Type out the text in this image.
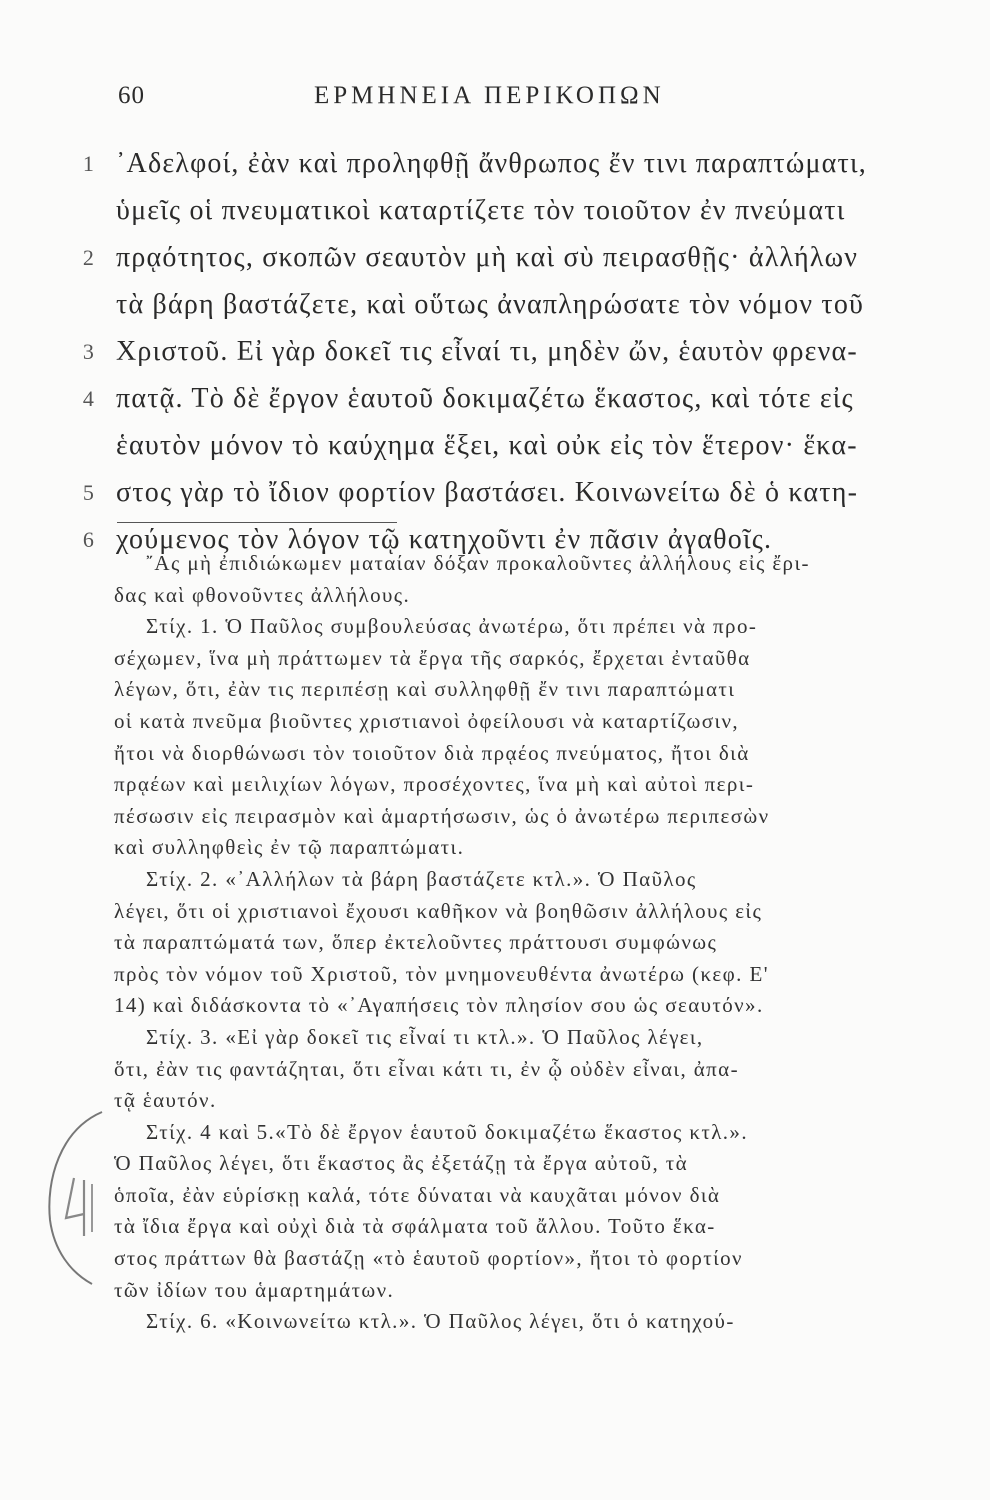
60	ΕΡΜΗΝΕΙΑ ΠΕΡΙΚΟΠΩΝ
1 ᾿Αδελφοί, ἐὰν καὶ προληφθῇ ἄνθρωπος ἔν τινι παραπτώματι,
ὑμεῖς οἱ πνευματικοὶ καταρτίζετε τὸν τοιοῦτον ἐν πνεύματι
2 πρᾳότητος, σκοπῶν σεαυτὸν μὴ καὶ σὺ πειρασθῇς· ἀλλήλων
τὰ βάρη βαστάζετε, καὶ οὕτως ἀναπληρώσατε τὸν νόμον τοῦ
3 Χριστοῦ. Εἰ γὰρ δοκεῖ τις εἶναί τι, μηδὲν ὤν, ἑαυτὸν φρενα-
4 πατᾷ. Τὸ δὲ ἔργον ἑαυτοῦ δοκιμαζέτω ἕκαστος, καὶ τότε εἰς
ἑαυτὸν μόνον τὸ καύχημα ἕξει, καὶ οὐκ εἰς τὸν ἕτερον· ἕκα-
5 στος γὰρ τὸ ἴδιον φορτίον βαστάσει. Κοινωνείτω δὲ ὁ κατη-
6 χούμενος τὸν λόγον τῷ κατηχοῦντι ἐν πᾶσιν ἀγαθοῖς.
῎Ας μὴ ἐπιδιώκωμεν ματαίαν δόξαν προκαλοῦντες ἀλλήλους εἰς ἔρι-
δας καὶ φθονοῦντες ἀλλήλους.
Στίχ. 1. Ὁ Παῦλος συμβουλεύσας ἀνωτέρω, ὅτι πρέπει νὰ προ-
σέχωμεν, ἵνα μὴ πράττωμεν τὰ ἔργα τῆς σαρκός, ἔρχεται ἐνταῦθα
λέγων, ὅτι, ἐὰν τις περιπέσῃ καὶ συλληφθῇ ἔν τινι παραπτώματι
οἱ κατὰ πνεῦμα βιοῦντες χριστιανοὶ ὀφείλουσι νὰ καταρτίζωσιν,
ἤτοι νὰ διορθώνωσι τὸν τοιοῦτον διὰ πρᾳέος πνεύματος, ἤτοι διὰ
πρᾳέων καὶ μειλιχίων λόγων, προσέχοντες, ἵνα μὴ καὶ αὐτοὶ περι-
πέσωσιν εἰς πειρασμὸν καὶ ἁμαρτήσωσιν, ὡς ὁ ἀνωτέρω περιπεσὼν
καὶ συλληφθεὶς ἐν τῷ παραπτώματι.
Στίχ. 2. «᾿Αλλήλων τὰ βάρη βαστάζετε κτλ.». Ὁ Παῦλος
λέγει, ὅτι οἱ χριστιανοὶ ἔχουσι καθῆκον νὰ βοηθῶσιν ἀλλήλους εἰς
τὰ παραπτώματά των, ὅπερ ἐκτελοῦντες πράττουσι συμφώνως
πρὸς τὸν νόμον τοῦ Χριστοῦ, τὸν μνημονευθέντα ἀνωτέρω (κεφ. Ε'
14) καὶ διδάσκοντα τὸ «᾿Αγαπήσεις τὸν πλησίον σου ὡς σεαυτόν».
Στίχ. 3. «Εἰ γὰρ δοκεῖ τις εἶναί τι κτλ.». Ὁ Παῦλος λέγει,
ὅτι, ἐὰν τις φαντάζηται, ὅτι εἶναι κάτι τι, ἐν ᾧ οὐδὲν εἶναι, ἀπα-
τᾷ ἑαυτόν.
Στίχ. 4 καὶ 5.«Τὸ δὲ ἔργον ἑαυτοῦ δοκιμαζέτω ἕκαστος κτλ.».
Ὁ Παῦλος λέγει, ὅτι ἕκαστος ἂς ἐξετάζῃ τὰ ἔργα αὐτοῦ, τὰ
ὁποῖα, ἐὰν εὑρίσκῃ καλά, τότε δύναται νὰ καυχᾶται μόνον διὰ
τὰ ἴδια ἔργα καὶ οὐχὶ διὰ τὰ σφάλματα τοῦ ἄλλου. Τοῦτο ἕκα-
στος πράττων θὰ βαστάζῃ «τὸ ἑαυτοῦ φορτίον», ἤτοι τὸ φορτίον
τῶν ἰδίων του ἁμαρτημάτων.
Στίχ. 6. «Κοινωνείτω κτλ.». Ὁ Παῦλος λέγει, ὅτι ὁ κατηχού-
